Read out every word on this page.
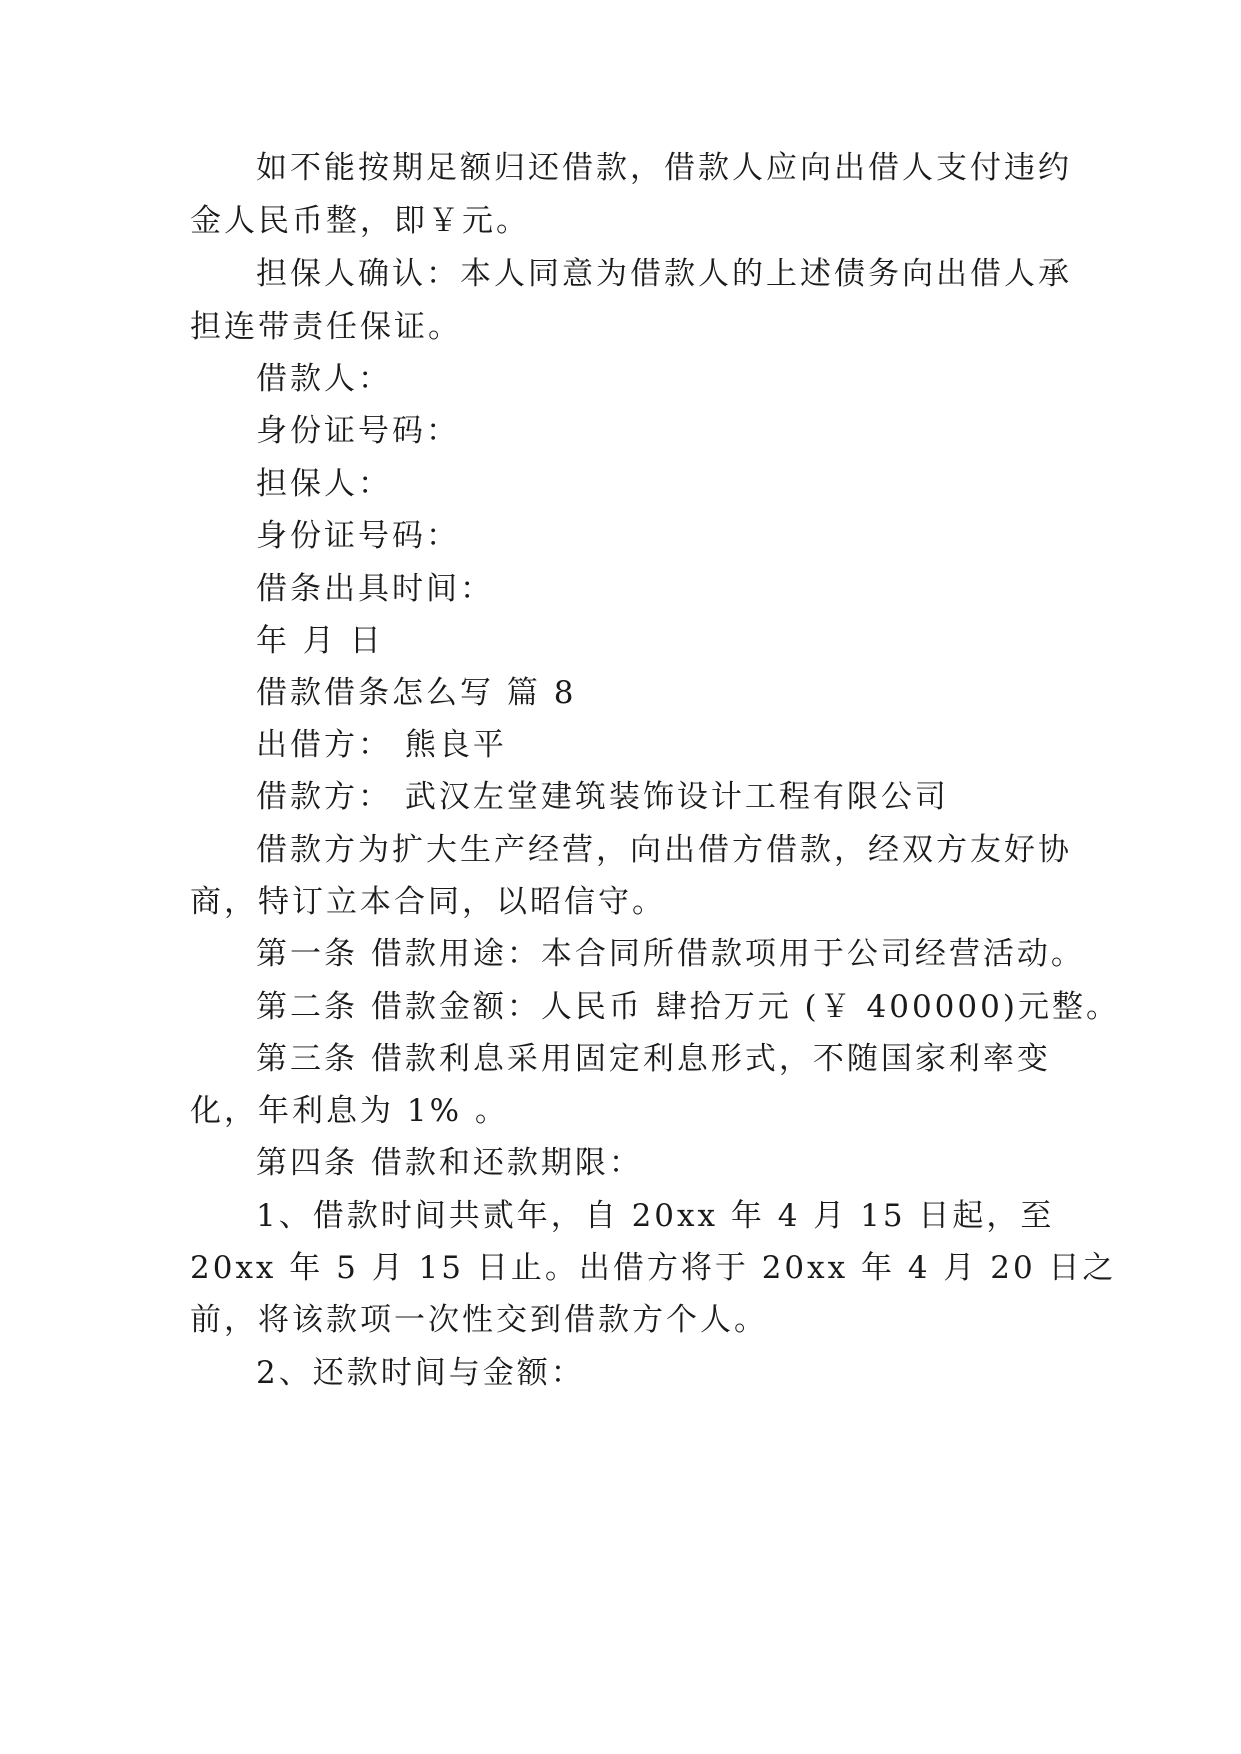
如不能按期足额归还借款，借款人应向出借人支付违约
金人民币整，即￥元。
担保人确认：本人同意为借款人的上述债务向出借人承
担连带责任保证。
借款人：
身份证号码：
担保人：
身份证号码：
借条出具时间：
年 月 日
借款借条怎么写 篇 8
出借方： 熊良平
借款方： 武汉左堂建筑装饰设计工程有限公司
借款方为扩大生产经营，向出借方借款，经双方友好协
商，特订立本合同，以昭信守。
第一条 借款用途：本合同所借款项用于公司经营活动。
第二条 借款金额：人民币 肆拾万元 (￥ 400000)元整。
第三条 借款利息采用固定利息形式，不随国家利率变
化，年利息为 1% 。
第四条 借款和还款期限：
1、借款时间共贰年，自 20xx 年 4 月 15 日起，至
20xx 年 5 月 15 日止。出借方将于 20xx 年 4 月 20 日之
前，将该款项一次性交到借款方个人。
2、还款时间与金额：
